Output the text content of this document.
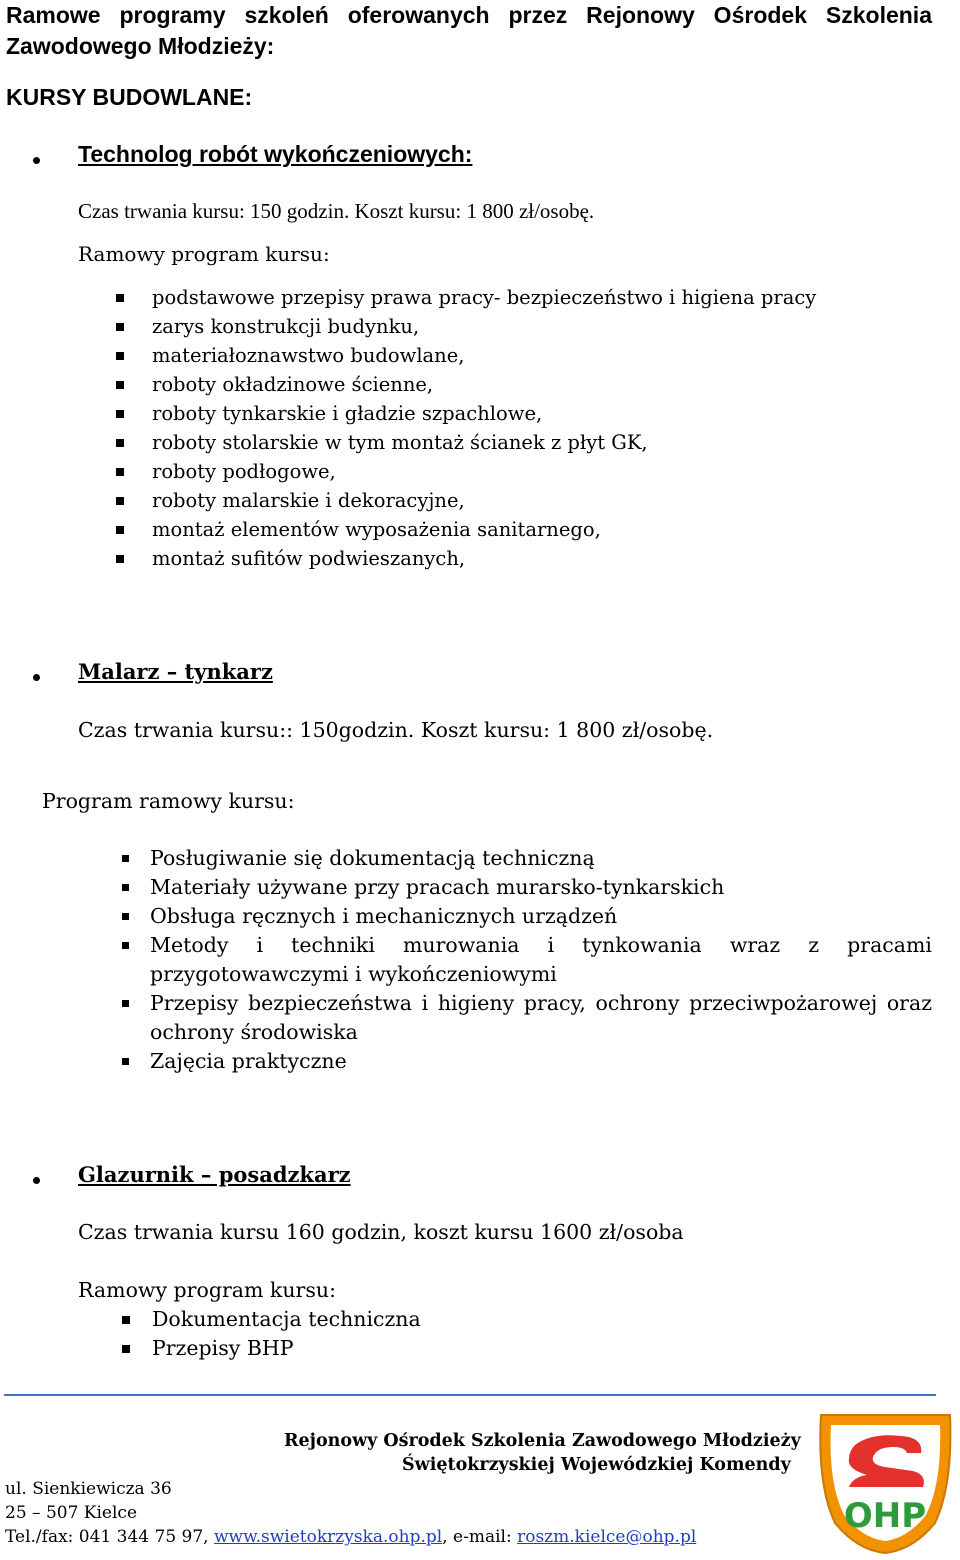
Ramowe programy szkoleń oferowanych przez Rejonowy Ośrodek Szkolenia
Zawodowego Młodzieży:
KURSY BUDOWLANE:
Technolog robót wykończeniowych:
Czas trwania kursu: 150 godzin. Koszt kursu: 1 800 zł/osobę.
Ramowy program kursu:
podstawowe przepisy prawa pracy- bezpieczeństwo i higiena pracy
zarys konstrukcji budynku,
materiałoznawstwo budowlane,
roboty okładzinowe ścienne,
roboty tynkarskie i gładzie szpachlowe,
roboty stolarskie w tym montaż ścianek z płyt GK,
roboty podłogowe,
roboty malarskie i dekoracyjne,
montaż elementów wyposażenia sanitarnego,
montaż sufitów podwieszanych,
Malarz – tynkarz
Czas trwania kursu:: 150godzin. Koszt kursu: 1 800 zł/osobę.
Program ramowy kursu:
Posługiwanie się dokumentacją techniczną
Materiały używane przy pracach murarsko-tynkarskich
Obsługa ręcznych i mechanicznych urządzeń
Metody i techniki murowania i tynkowania wraz z pracami
przygotowawczymi i wykończeniowymi
Przepisy bezpieczeństwa i higieny pracy, ochrony przeciwpożarowej oraz
ochrony środowiska
Zajęcia praktyczne
Glazurnik – posadzkarz
Czas trwania kursu 160 godzin, koszt kursu 1600 zł/osoba
Ramowy program kursu:
Dokumentacja techniczna
Przepisy BHP
Rejonowy Ośrodek Szkolenia Zawodowego Młodzieży
Świętokrzyskiej Wojewódzkiej Komendy
ul. Sienkiewicza 36
25 – 507 Kielce
Tel./fax: 041 344 75 97, www.swietokrzyska.ohp.pl, e-mail: roszm.kielce@ohp.pl
OHP
